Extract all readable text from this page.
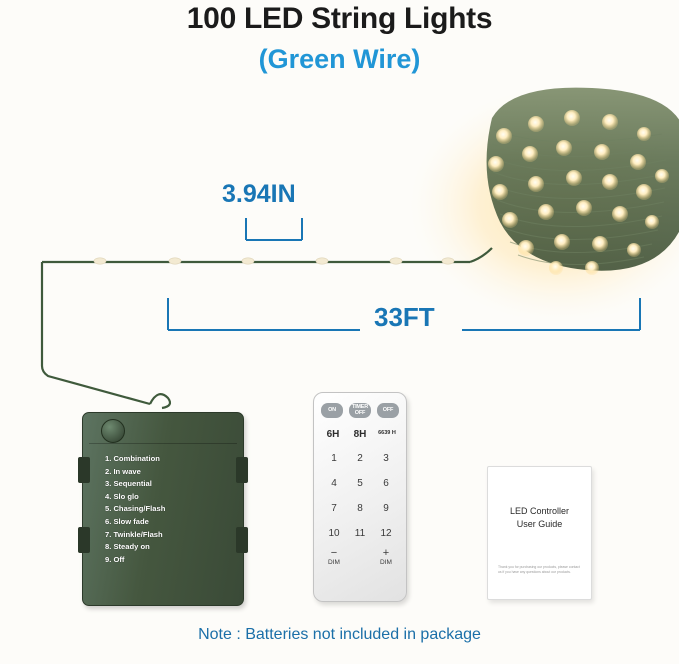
100 LED String Lights
(Green Wire)
3.94IN
33FT
1. Combination
2. In wave
3. Sequential
4. Slo glo
5. Chasing/Flash
6. Slow fade
7. Twinkle/Flash
8. Steady on
9. Off
ON	TIMER OFF	OFF
6H	8H	6639 H
1	2	3
4	5	6
7	8	9
10	11	12
−
DIM
+
DIM
LED Controller
User Guide
Thank you for purchasing our products, please contact us if you have any questions about our products.
Note : Batteries not included in package
